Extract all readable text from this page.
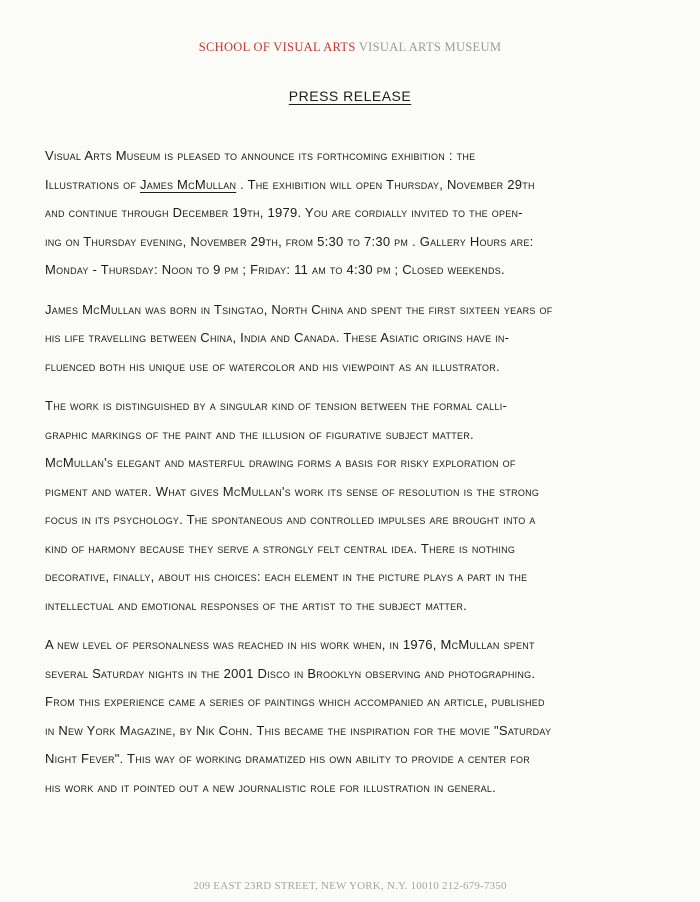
SCHOOL OF VISUAL ARTS VISUAL ARTS MUSEUM
PRESS RELEASE
Visual Arts Museum is pleased to announce its forthcoming exhibition : the
Illustrations of James McMullan . The exhibition will open Thursday, November 29th
and continue through December 19th, 1979. You are cordially invited to the open-
ing on Thursday evening, November 29th, from 5:30 to 7:30 pm . Gallery Hours are:
Monday - Thursday: Noon to 9 pm ; Friday: 11 am to 4:30 pm ; Closed weekends.
James McMullan was born in Tsingtao, North China and spent the first sixteen years of
his life travelling between China, India and Canada. These Asiatic origins have in-
fluenced both his unique use of watercolor and his viewpoint as an illustrator.
The work is distinguished by a singular kind of tension between the formal calli-
graphic markings of the paint and the illusion of figurative subject matter.
McMullan's elegant and masterful drawing forms a basis for risky exploration of
pigment and water. What gives McMullan's work its sense of resolution is the strong
focus in its psychology. The spontaneous and controlled impulses are brought into a
kind of harmony because they serve a strongly felt central idea. There is nothing
decorative, finally, about his choices: each element in the picture plays a part in the
intellectual and emotional responses of the artist to the subject matter.
A new level of personalness was reached in his work when, in 1976, McMullan spent
several Saturday nights in the 2001 Disco in Brooklyn observing and photographing.
From this experience came a series of paintings which accompanied an article, published
in New York Magazine, by Nik Cohn. This became the inspiration for the movie "Saturday
Night Fever". This way of working dramatized his own ability to provide a center for
his work and it pointed out a new journalistic role for illustration in general.
209 EAST 23RD STREET, NEW YORK, N.Y. 10010 212-679-7350
